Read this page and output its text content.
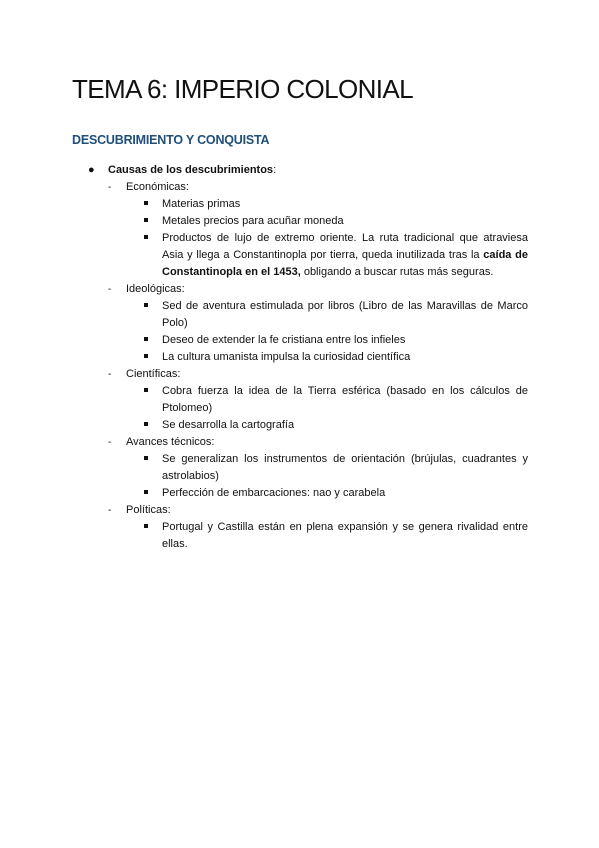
TEMA 6: IMPERIO COLONIAL
DESCUBRIMIENTO Y CONQUISTA

●	Causas de los descubrimientos:

- Económicas:

Materias primas

Metales precios para acuñar moneda

Productos de lujo de extremo oriente. La ruta tradicional que atraviesa Asia y llega a Constantinopla por tierra, queda inutilizada tras la caída de Constantinopla en el 1453, obligando a buscar rutas más seguras.

- Ideológicas:

Sed de aventura estimulada por libros (Libro de las Maravillas de Marco Polo)

Deseo de extender la fe cristiana entre los infieles

La cultura umanista impulsa la curiosidad científica

- Científicas:

Cobra fuerza la idea de la Tierra esférica (basado en los cálculos de Ptolomeo)

Se desarrolla la cartografía

- Avances técnicos:

Se generalizan los instrumentos de orientación (brújulas, cuadrantes y astrolabios)

Perfección de embarcaciones: nao y carabela

- Políticas:

Portugal y Castilla están en plena expansión y se genera rivalidad entre ellas.
